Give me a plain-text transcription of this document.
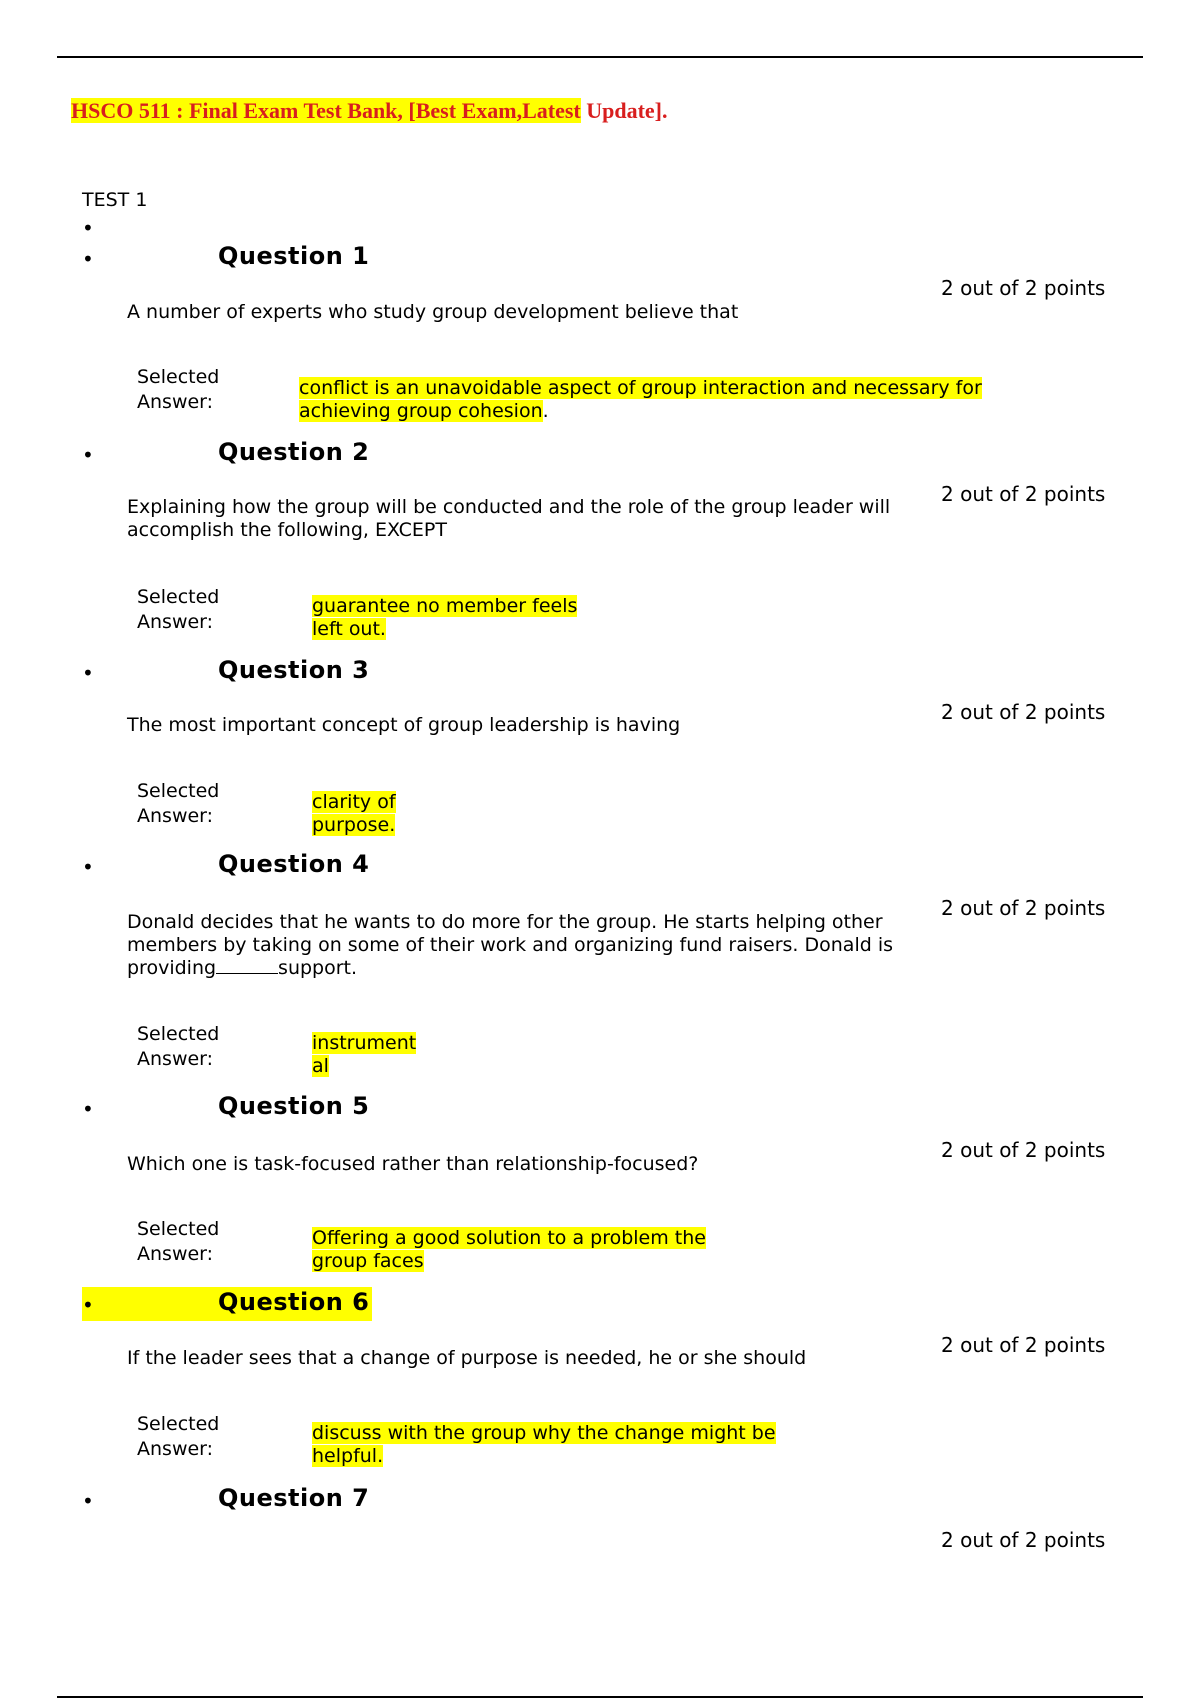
HSCO 511 : Final Exam Test Bank, [Best Exam,Latest Update].
TEST 1
•
•	Question 1
2 out of 2 points
A number of experts who study group development believe that
Selected Answer:
conflict is an unavoidable aspect of group interaction and necessary for achieving group cohesion.
•	Question 2
2 out of 2 points
Explaining how the group will be conducted and the role of the group leader will accomplish the following, EXCEPT
Selected Answer:
guarantee no member feels left out.
•	Question 3
2 out of 2 points
The most important concept of group leadership is having
Selected Answer:
clarity of purpose.
•	Question 4
2 out of 2 points
Donald decides that he wants to do more for the group. He starts helping other members by taking on some of their work and organizing fund raisers. Donald is providing	support.
Selected Answer:
instrumental
•	Question 5
2 out of 2 points
Which one is task-focused rather than relationship-focused?
Selected Answer:
Offering a good solution to a problem the group faces
•	Question 6
2 out of 2 points
If the leader sees that a change of purpose is needed, he or she should
Selected Answer:
discuss with the group why the change might be helpful.
•	Question 7
2 out of 2 points
